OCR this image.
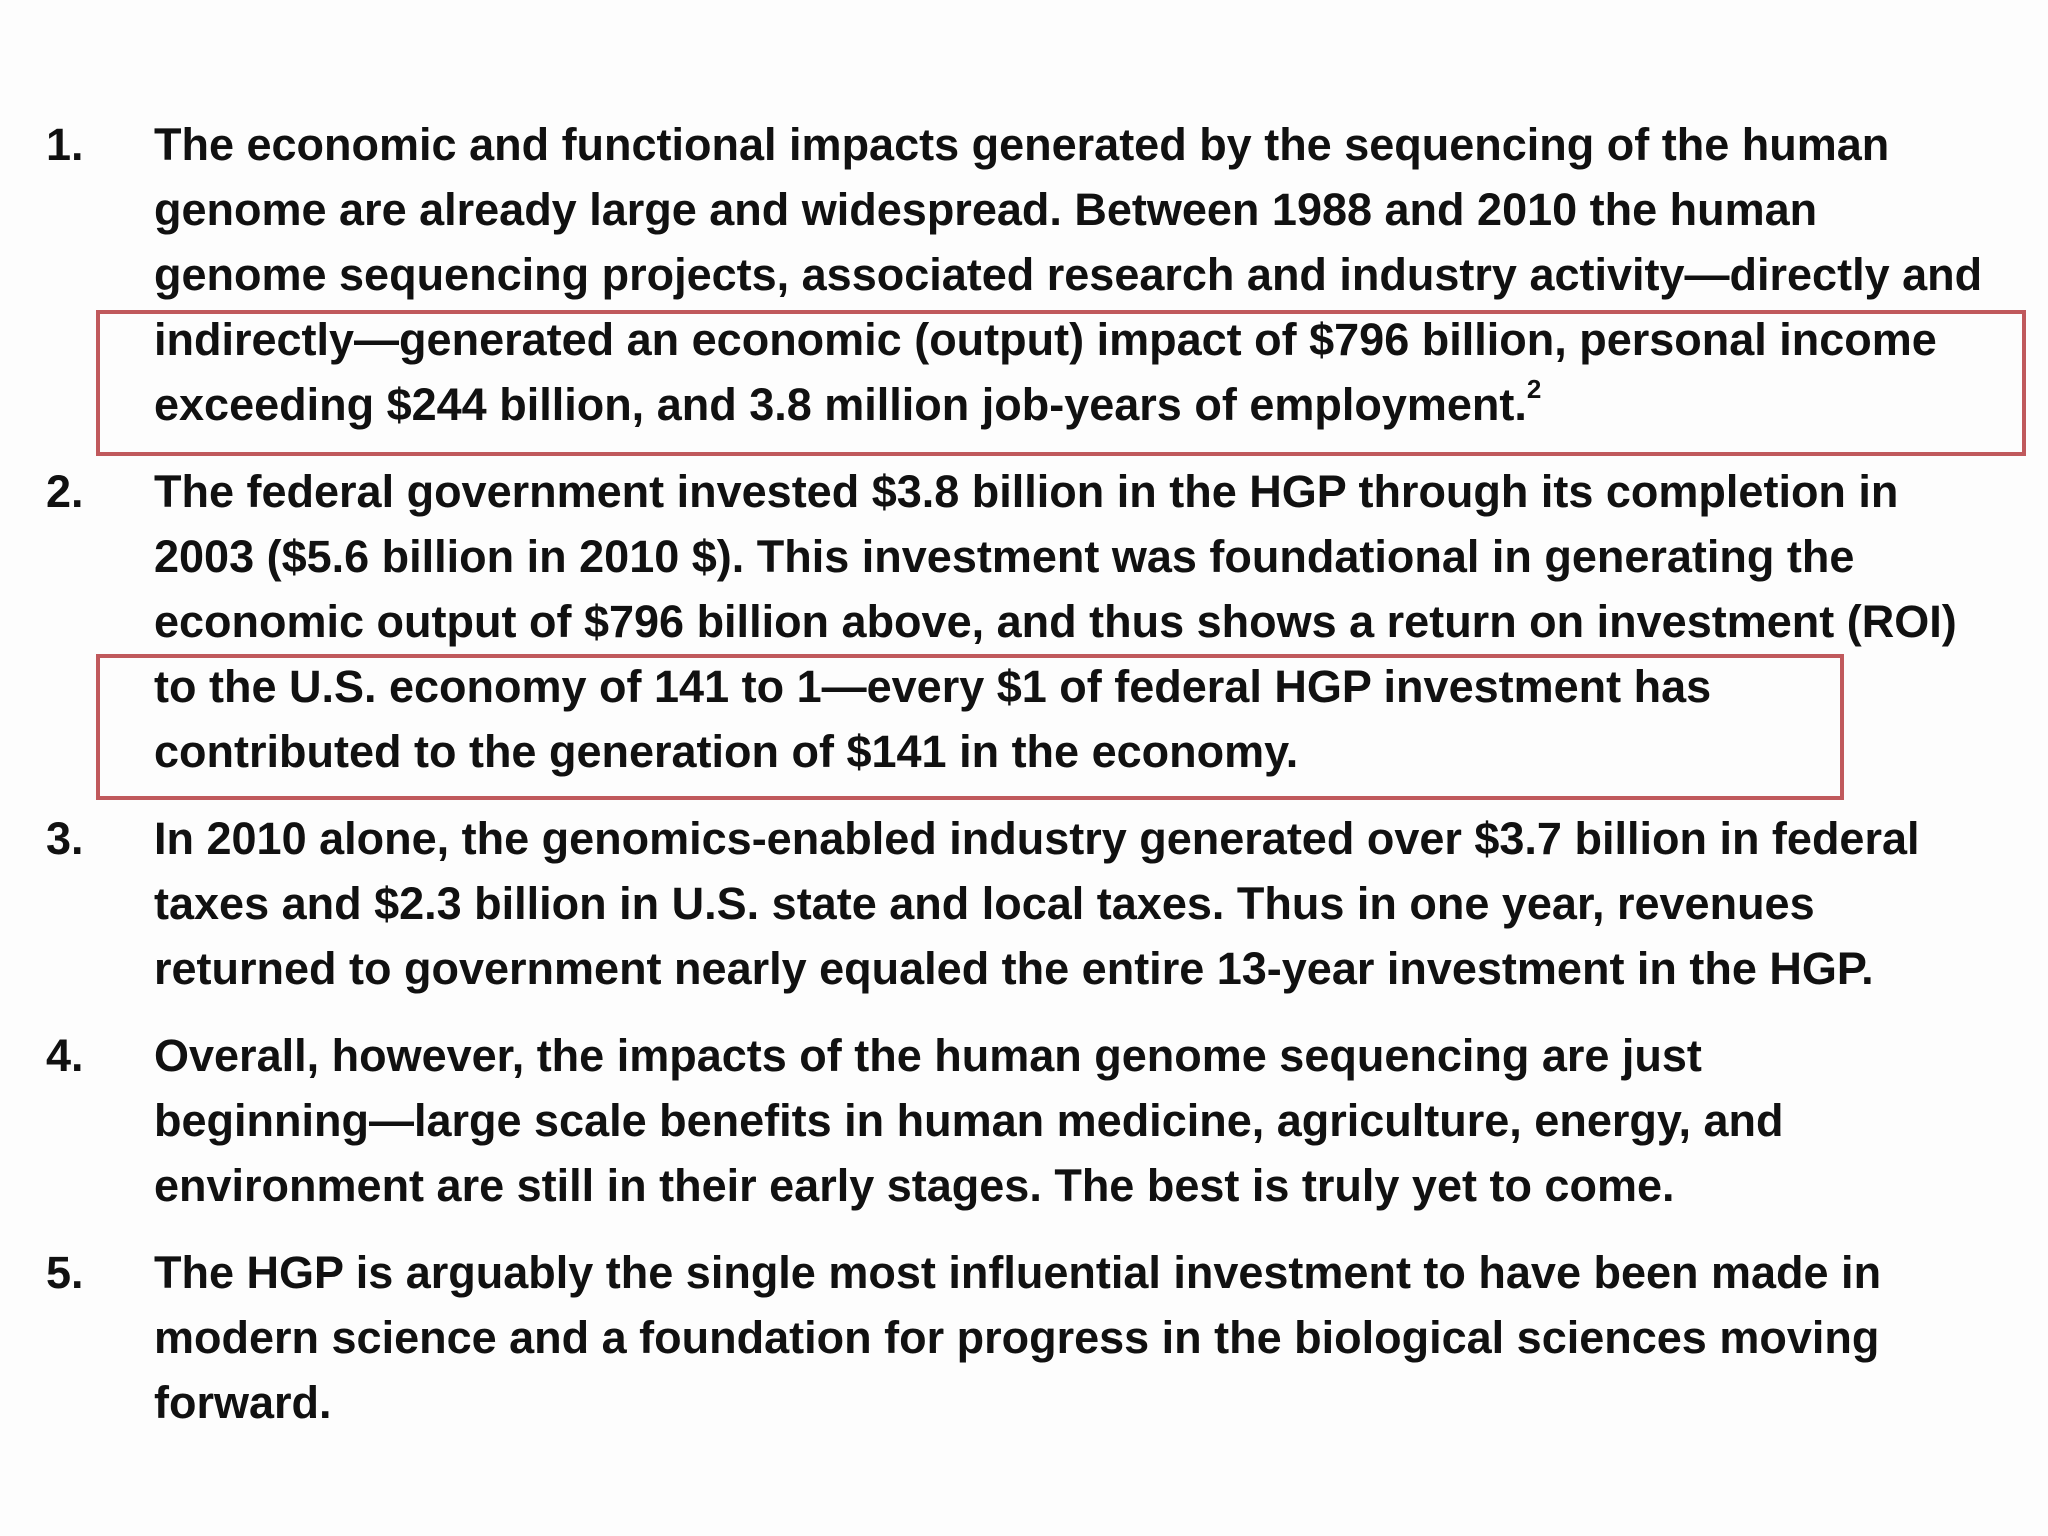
1.	The economic and functional impacts generated by the sequencing of the human
genome are already large and widespread. Between 1988 and 2010 the human
genome sequencing projects, associated research and industry activity—directly and
indirectly—generated an economic (output) impact of $796 billion, personal income
exceeding $244 billion, and 3.8 million job-years of employment.$^2$
2.	The federal government invested $3.8 billion in the HGP through its completion in
2003 ($5.6 billion in 2010 $). This investment was foundational in generating the
economic output of $796 billion above, and thus shows a return on investment (ROI)
to the U.S. economy of 141 to 1—every $1 of federal HGP investment has
contributed to the generation of $141 in the economy.
3.	In 2010 alone, the genomics-enabled industry generated over $3.7 billion in federal
taxes and $2.3 billion in U.S. state and local taxes. Thus in one year, revenues
returned to government nearly equaled the entire 13-year investment in the HGP.
4.	Overall, however, the impacts of the human genome sequencing are just
beginning—large scale benefits in human medicine, agriculture, energy, and
environment are still in their early stages. The best is truly yet to come.
5.	The HGP is arguably the single most influential investment to have been made in
modern science and a foundation for progress in the biological sciences moving
forward.
